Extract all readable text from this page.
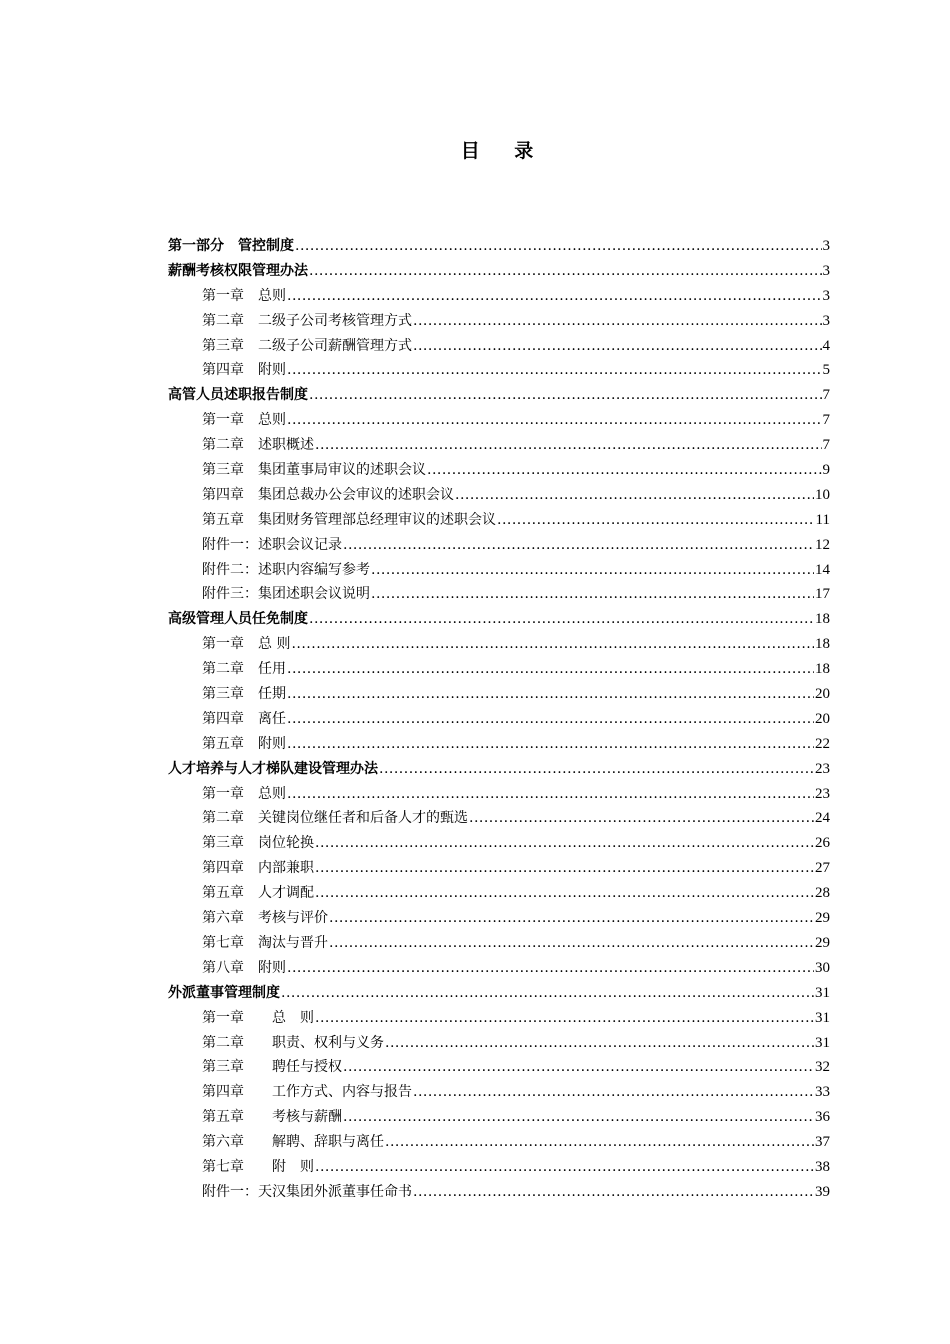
目 录
第一部分　管控制度 .....	3
薪酬考核权限管理办法 .....	3
第一章　总则 .....	3
第二章　二级子公司考核管理方式 .....	3
第三章　二级子公司薪酬管理方式 .....	4
第四章　附则 .....	5
高管人员述职报告制度 .....	7
第一章　总则 .....	7
第二章　述职概述 .....	7
第三章　集团董事局审议的述职会议 .....	9
第四章　集团总裁办公会审议的述职会议 .....	10
第五章　集团财务管理部总经理审议的述职会议 .....	11
附件一：述职会议记录 .....	12
附件二：述职内容编写参考 .....	14
附件三：集团述职会议说明 .....	17
高级管理人员任免制度 .....	18
第一章　总 则 .....	18
第二章　任用 .....	18
第三章　任期 .....	20
第四章　离任 .....	20
第五章　附则 .....	22
人才培养与人才梯队建设管理办法 .....	23
第一章　总则 .....	23
第二章　关键岗位继任者和后备人才的甄选 .....	24
第三章　岗位轮换 .....	26
第四章　内部兼职 .....	27
第五章　人才调配 .....	28
第六章　考核与评价 .....	29
第七章　淘汰与晋升 .....	29
第八章　附则 .....	30
外派董事管理制度 .....	31
第一章　　总　则 .....	31
第二章　　职责、权利与义务 .....	31
第三章　　聘任与授权 .....	32
第四章　　工作方式、内容与报告 .....	33
第五章　　考核与薪酬 .....	36
第六章　　解聘、辞职与离任 .....	37
第七章　　附　则 .....	38
附件一：天汉集团外派董事任命书 .....	39
